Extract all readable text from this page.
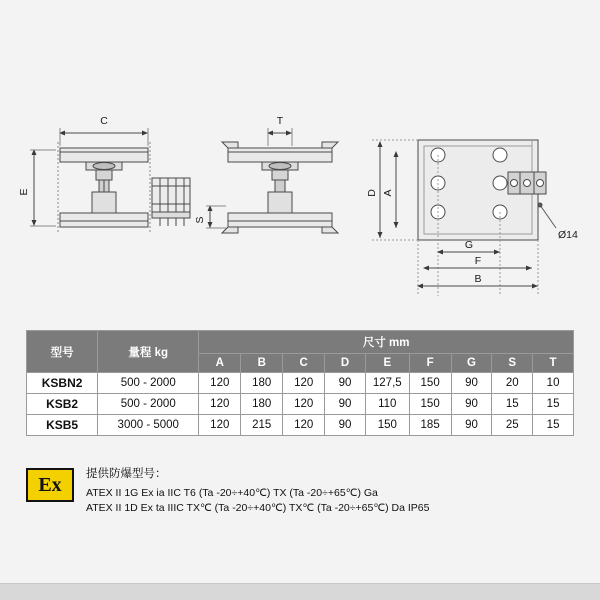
C
E
T
S
A
D
G
F
B
Ø14
型号	量程 kg	尺寸 mm								
		A	B	C	D	E	F	G	S	T
KSBN2	500 - 2000	120	180	120	90	127,5	150	90	20	10
KSB2	500 - 2000	120	180	120	90	110	150	90	15	15
KSB5	3000 - 5000	120	215	120	90	150	185	90	25	15
Ex 提供防爆型号：
ATEX II 1G Ex ia IIC T6 (Ta -20÷+40℃) TX (Ta -20÷+65℃) Ga
ATEX II 1D Ex ta IIIC TX℃ (Ta -20÷+40℃) TX℃ (Ta -20÷+65℃) Da IP65
